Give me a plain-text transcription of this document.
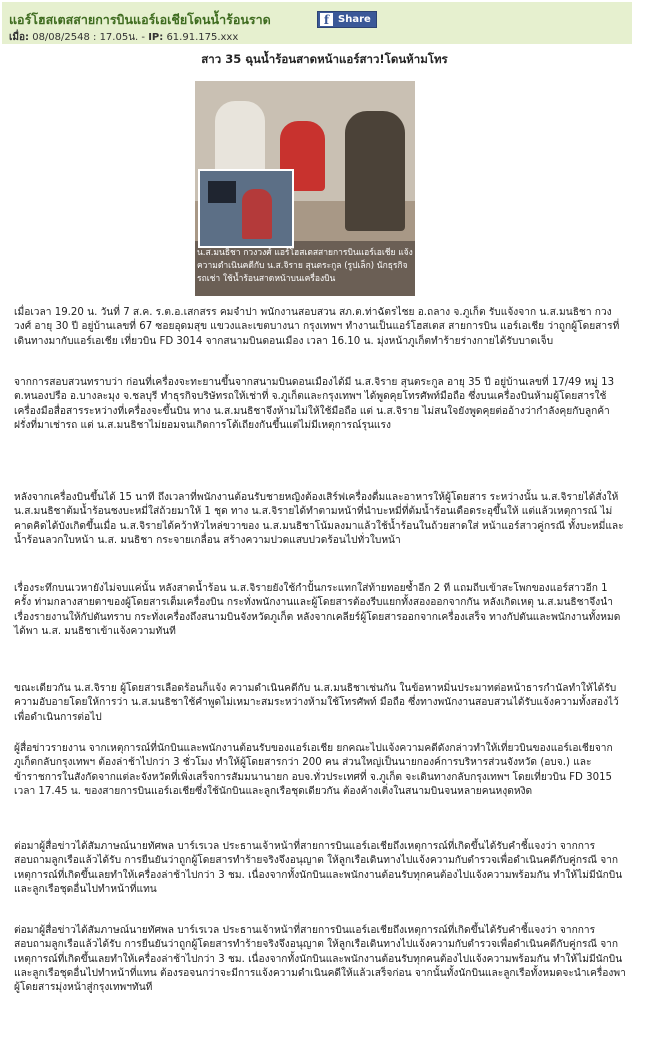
แอร์โฮสเตสสายการบินแอร์เอเชียโดนน้ำร้อนราด	f Share
เมื่อ: 08/08/2548 : 17.05น. - IP: 61.91.175.xxx
สาว 35 ฉุนน้ำร้อนสาดหน้าแอร์สาว!โดนห้ามโทร
น.ส.มนธิชา กวงวงศ์ แอร์โฮสเตสสายการบินแอร์เอเชีย แจ้งความดำเนินคดีกับ น.ส.จิราย สุนตระกูล (รูปเล็ก) นักธุรกิจรถเช่า ใช้น้ำร้อนสาดหน้าบนเครื่องบิน

เมื่อเวลา 19.20 น. วันที่ 7 ส.ค. ร.ต.อ.เสกสรร คมจำปา พนักงานสอบสวน สภ.ต.ท่าฉัตรไชย อ.ถลาง จ.ภูเก็ต รับแจ้งจาก น.ส.มนธิชา กวงวงศ์ อายุ 30 ปี อยู่บ้านเลขที่ 67 ซอยอุดมสุข แขวงและเขตบางนา กรุงเทพฯ ทำงานเป็นแอร์โฮสเตส สายการบิน แอร์เอเชีย ว่าถูกผู้โดยสารที่เดินทางมากับแอร์เอเชีย เที่ยวบิน FD 3014 จากสนามบินดอนเมือง เวลา 16.10 น. มุ่งหน้าภูเก็ตทำร้ายร่างกายได้รับบาดเจ็บ

จากการสอบสวนทราบว่า ก่อนที่เครื่องจะทะยานขึ้นจากสนามบินดอนเมืองได้มี น.ส.จิราย สุนตระกูล อายุ 35 ปี อยู่บ้านเลขที่ 17/49 หมู่ 13 ต.หนองปรือ อ.บางละมุง จ.ชลบุรี ทำธุรกิจบริษัทรถให้เช่าที่ จ.ภูเก็ตและกรุงเทพฯ ได้พูดคุยโทรศัพท์มือถือ ซึ่งบนเครื่องบินห้ามผู้โดยสารใช้เครื่องมือสื่อสารระหว่างที่เครื่องจะขึ้นบิน ทาง น.ส.มนธิชาจึงห้ามไม่ให้ใช้มือถือ แต่ น.ส.จิราย ไม่สนใจยังพูดคุยต่ออ้างว่ากำลังคุยกับลูกค้าฝรั่งที่มาเช่ารถ แต่ น.ส.มนธิชาไม่ยอมจนเกิดการโต้เถียงกันขึ้นแต่ไม่มีเหตุการณ์รุนแรง

หลังจากเครื่องบินขึ้นได้ 15 นาที ถึงเวลาที่พนักงานต้อนรับชายหญิงต้องเสิร์ฟเครื่องดื่มและอาหารให้ผู้โดยสาร ระหว่างนั้น น.ส.จิรายได้สั่งให้ น.ส.มนธิชาต้มน้ำร้อนชงบะหมี่ใส่ถ้วยมาให้ 1 ชุด ทาง น.ส.จิรายได้ทำตามหน้าที่นำบะหมี่ที่ต้มน้ำร้อนเดือดระอุขึ้นให้ แต่แล้วเหตุการณ์ ไม่คาดคิดได้บังเกิดขึ้นเมื่อ น.ส.จิรายได้คว้าหัวไหล่ขวาของ น.ส.มนธิชาโน้มลงมาแล้วใช้น้ำร้อนในถ้วยสาดใส่ หน้าแอร์สาวคู่กรณี ทั้งบะหมี่และน้ำร้อนลวกใบหน้า น.ส. มนธิชา กระจายเกลื่อน สร้างความปวดแสบปวดร้อนไปทั่วใบหน้า

เรื่องระทึกบนเวหายังไม่จบแค่นั้น หลังสาดน้ำร้อน น.ส.จิรายยังใช้กำปั้นกระแทกใส่ท้ายทอยซ้ำอีก 2 ที แถมถีบเข้าสะโพกของแอร์สาวอีก 1 ครั้ง ท่ามกลางสายตาของผู้โดยสารเต็มเครื่องบิน กระทั่งพนักงานและผู้โดยสารต้องรีบแยกทั้งสองออกจากกัน หลังเกิดเหตุ น.ส.มนธิชาจึงนำเรื่องรายงานให้กัปตันทราบ กระทั่งเครื่องถึงสนามบินจังหวัดภูเก็ต หลังจากเคลียร์ผู้โดยสารออกจากเครื่องเสร็จ ทางกัปตันและพนักงานทั้งหมดได้พา น.ส. มนธิชาเข้าแจ้งความทันที

ขณะเดียวกัน น.ส.จิราย ผู้โดยสารเลือดร้อนก็แจ้ง ความดำเนินคดีกับ น.ส.มนธิชาเช่นกัน ในข้อหาหมิ่นประมาทต่อหน้าธารกำนัลทำให้ได้รับความอับอายโดยให้การว่า น.ส.มนธิชาใช้คำพูดไม่เหมาะสมระหว่างห้ามใช้โทรศัพท์ มือถือ ซึ่งทางพนักงานสอบสวนได้รับแจ้งความทั้งสองไว้เพื่อดำเนินการต่อไป

ผู้สื่อข่าวรายงาน จากเหตุการณ์ที่นักบินและพนักงานต้อนรับของแอร์เอเชีย ยกคณะไปแจ้งความคดีดังกล่าวทำให้เที่ยวบินของแอร์เอเชียจากภูเก็ตกลับกรุงเทพฯ ต้องล่าช้าไปกว่า 3 ชั่วโมง ทำให้ผู้โดยสารกว่า 200 คน ส่วนใหญ่เป็นนายกองค์การบริหารส่วนจังหวัด (อบจ.) และข้าราชการในสังกัดจากแต่ละจังหวัดที่เพิ่งเสร็จการสัมมนานายก อบจ.ทั่วประเทศที่ จ.ภูเก็ต จะเดินทางกลับกรุงเทพฯ โดยเที่ยวบิน FD 3015 เวลา 17.45 น. ของสายการบินแอร์เอเชียซึ่งใช้นักบินและลูกเรือชุดเดียวกัน ต้องค้างเติ่งในสนามบินจนหลายคนหงุดหงิด

ต่อมาผู้สื่อข่าวได้สัมภาษณ์นายทัศพล บาร์เรเวล ประธานเจ้าหน้าที่สายการบินแอร์เอเชียถึงเหตุการณ์ที่เกิดขึ้นได้รับคำชี้แจงว่า จากการสอบถามลูกเรือแล้วได้รับ การยืนยันว่าถูกผู้โดยสารทำร้ายจริงจึงอนุญาต ให้ลูกเรือเดินทางไปแจ้งความกับตำรวจเพื่อดำเนินคดีกับคู่กรณี จากเหตุการณ์ที่เกิดขึ้นเลยทำให้เครื่องล่าช้าไปกว่า 3 ชม. เนื่องจากทั้งนักบินและพนักงานต้อนรับทุกคนต้องไปแจ้งความพร้อมกัน ทำให้ไม่มีนักบินและลูกเรือชุดอื่นไปทำหน้าที่แทน

ต่อมาผู้สื่อข่าวได้สัมภาษณ์นายทัศพล บาร์เรเวล ประธานเจ้าหน้าที่สายการบินแอร์เอเชียถึงเหตุการณ์ที่เกิดขึ้นได้รับคำชี้แจงว่า จากการสอบถามลูกเรือแล้วได้รับ การยืนยันว่าถูกผู้โดยสารทำร้ายจริงจึงอนุญาต ให้ลูกเรือเดินทางไปแจ้งความกับตำรวจเพื่อดำเนินคดีกับคู่กรณี จากเหตุการณ์ที่เกิดขึ้นเลยทำให้เครื่องล่าช้าไปกว่า 3 ชม. เนื่องจากทั้งนักบินและพนักงานต้อนรับทุกคนต้องไปแจ้งความพร้อมกัน ทำให้ไม่มีนักบินและลูกเรือชุดอื่นไปทำหน้าที่แทน ต้องรอจนกว่าจะมีการแจ้งความดำเนินคดีให้แล้วเสร็จก่อน จากนั้นทั้งนักบินและลูกเรือทั้งหมดจะนำเครื่องพาผู้โดยสารมุ่งหน้าสู่กรุงเทพฯทันที
